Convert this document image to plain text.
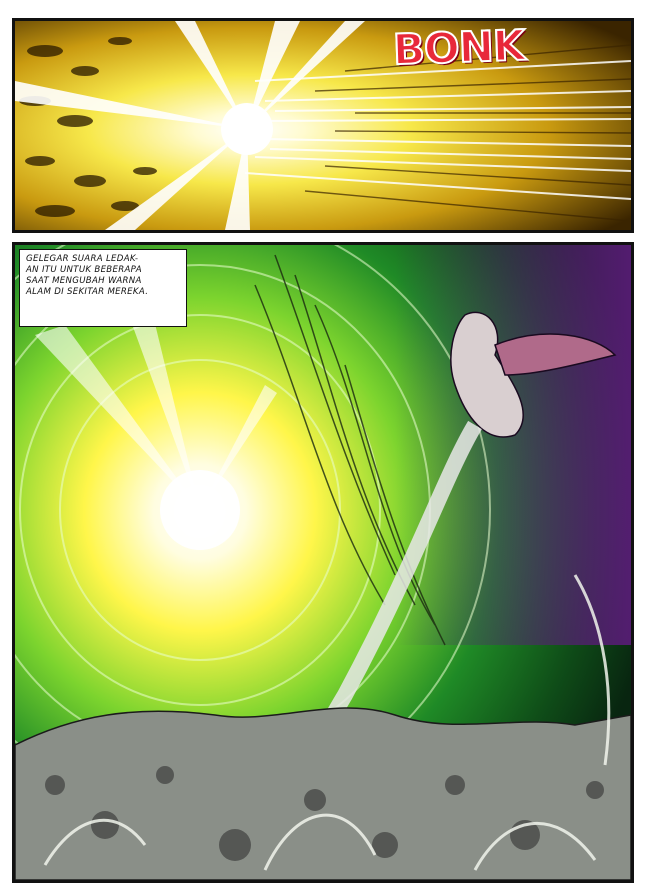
BONK
GELEGAR SUARA LEDAK-
AN ITU UNTUK BEBERAPA
SAAT MENGUBAH WARNA
ALAM DI SEKITAR MEREKA.
